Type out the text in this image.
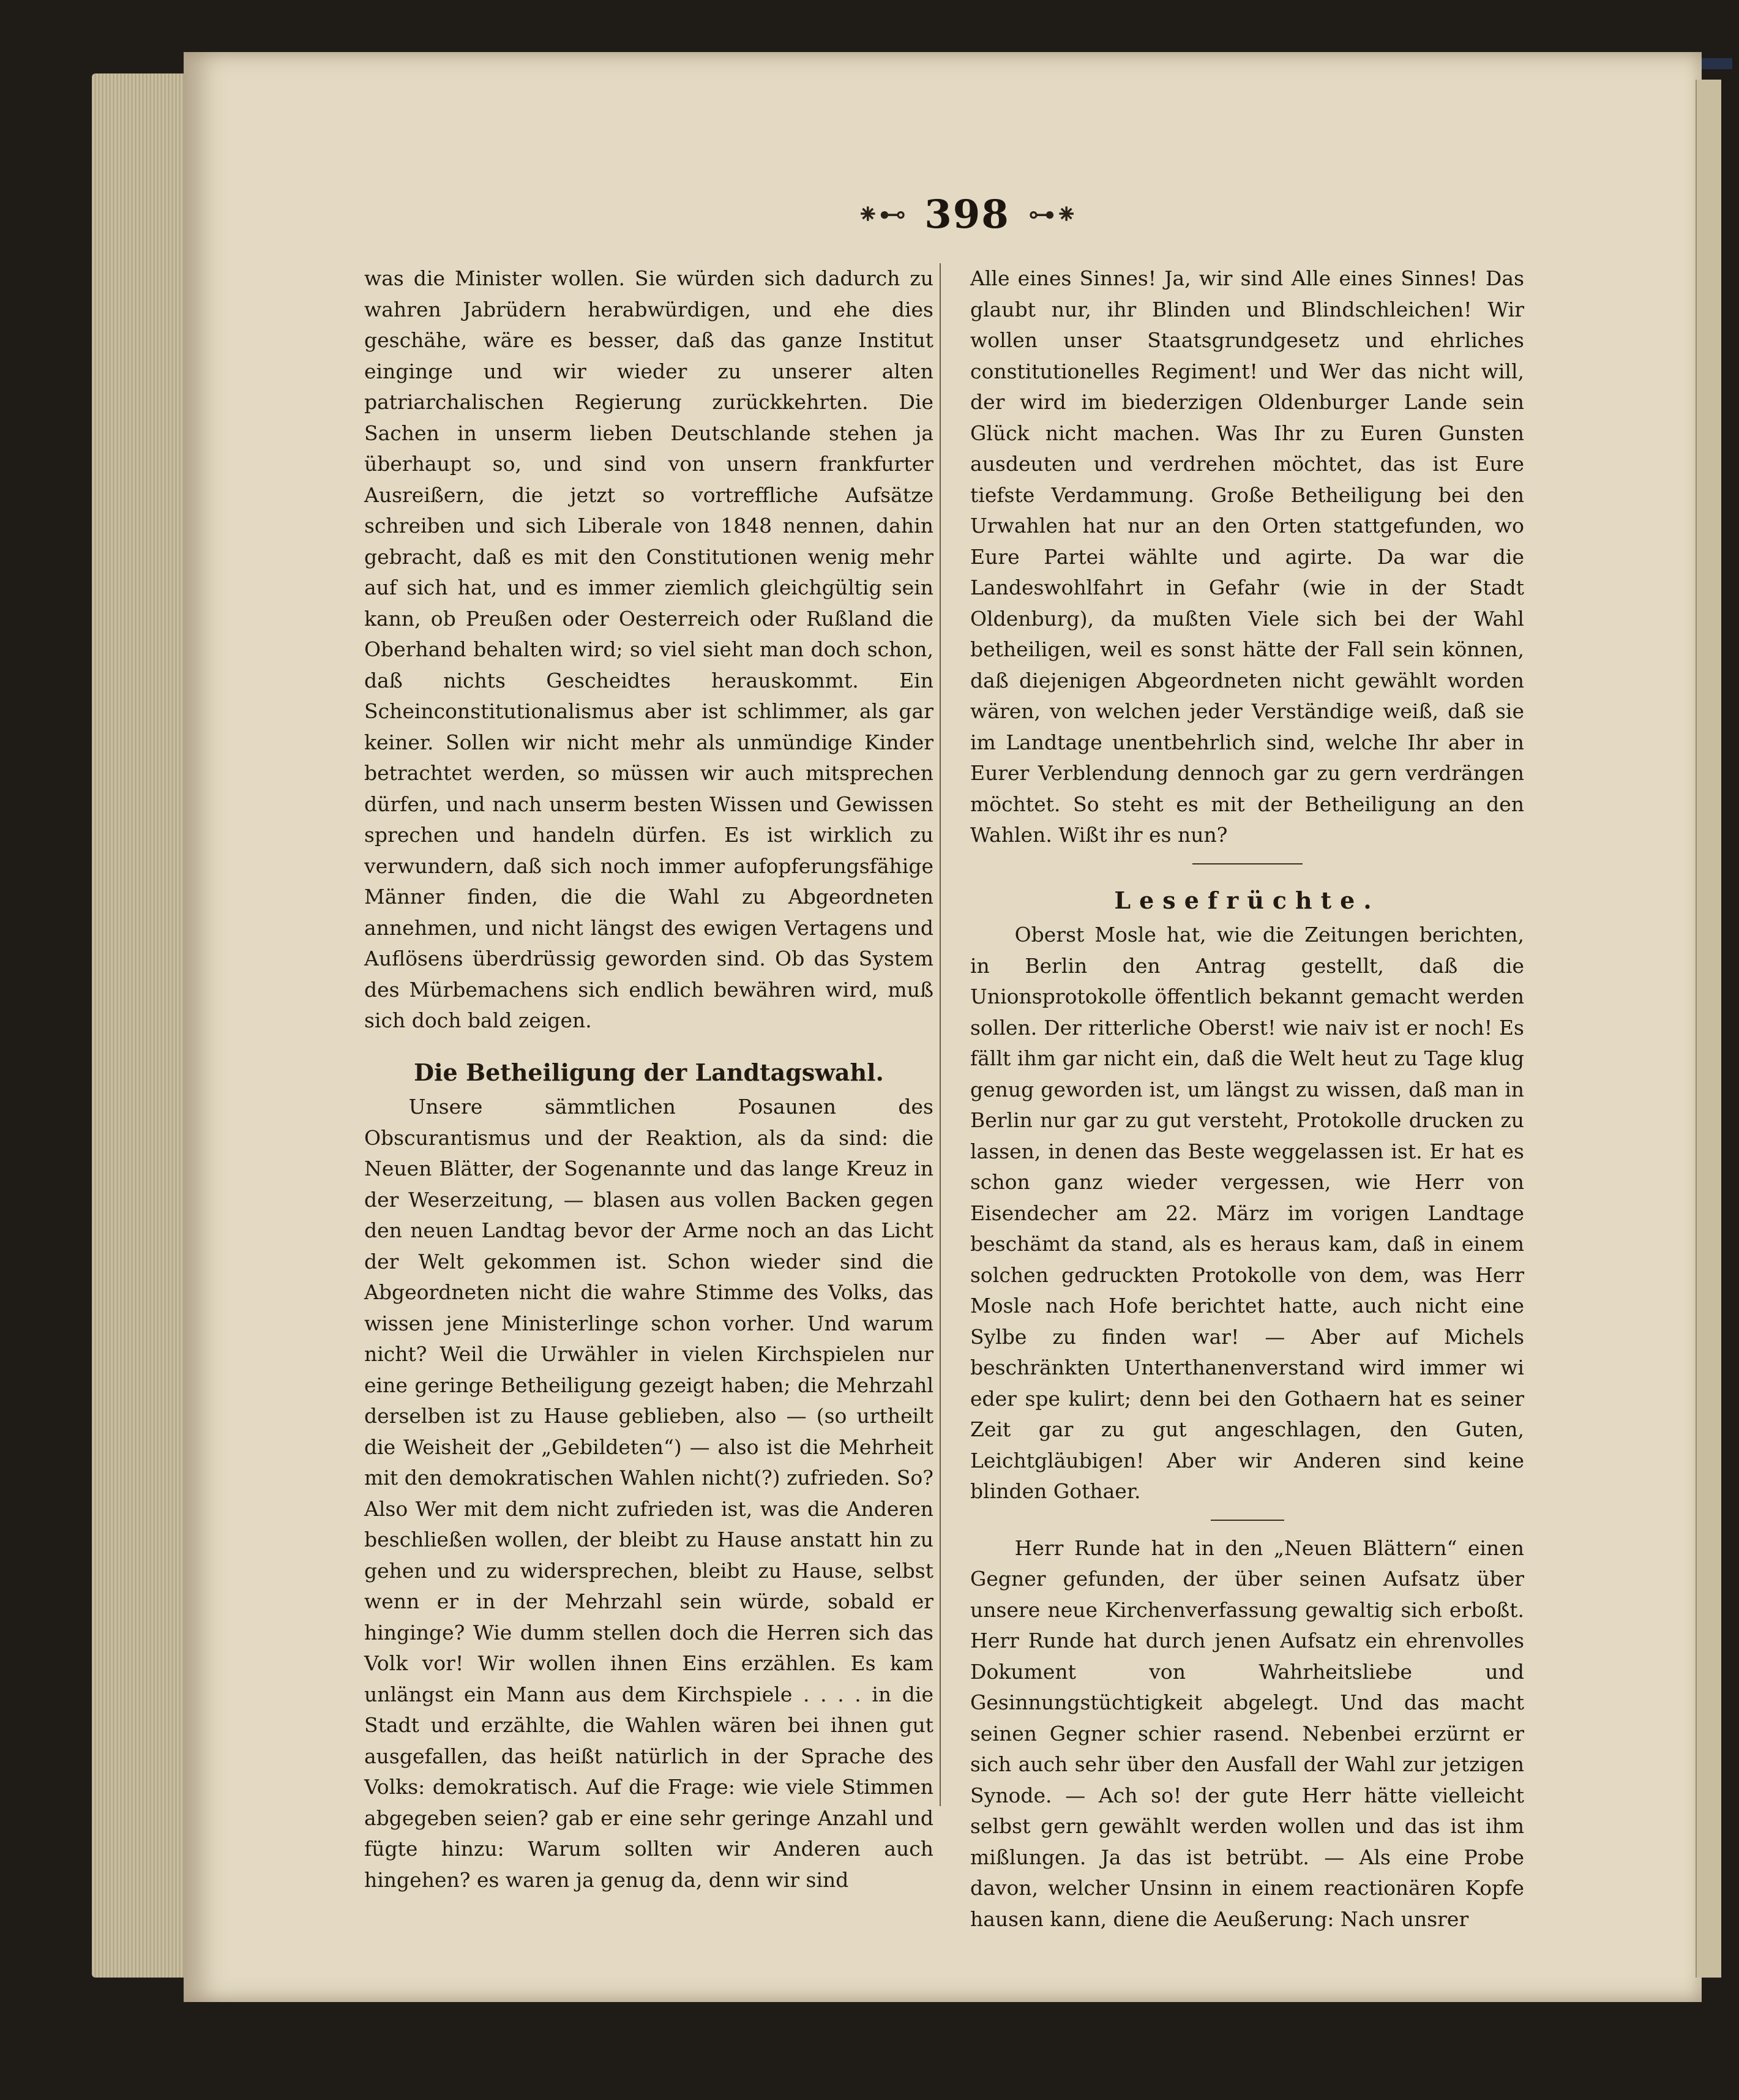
⁕⊷ 398 ⊶⁕

was die Minister wollen. Sie würden sich dadurch zu wahren Jabrüdern herabwürdigen, und ehe dies geschähe, wäre es besser, daß das ganze Institut einginge und wir wieder zu unserer alten patriarchalischen Regierung zurückkehrten. Die Sachen in unserm lieben Deutschlande stehen ja überhaupt so, und sind von unsern frankfurter Ausreißern, die jetzt so vortreffliche Aufsätze schreiben und sich Liberale von 1848 nennen, dahin gebracht, daß es mit den Constitutionen wenig mehr auf sich hat, und es immer ziemlich gleichgültig sein kann, ob Preußen oder Oesterreich oder Rußland die Oberhand behalten wird; so viel sieht man doch schon, daß nichts Gescheidtes herauskommt. Ein Scheinconstitutionalismus aber ist schlimmer, als gar keiner. Sollen wir nicht mehr als unmündige Kinder betrachtet werden, so müssen wir auch mitsprechen dürfen, und nach unserm besten Wissen und Gewissen sprechen und handeln dürfen. Es ist wirklich zu verwundern, daß sich noch immer aufopferungsfähige Männer finden, die die Wahl zu Abgeordneten annehmen, und nicht längst des ewigen Vertagens und Auflösens überdrüssig geworden sind. Ob das System des Mürbemachens sich endlich bewähren wird, muß sich doch bald zeigen.

Die Betheiligung der Landtagswahl.

Unsere sämmtlichen Posaunen des Obscurantismus und der Reaktion, als da sind: die Neuen Blätter, der Sogenannte und das lange Kreuz in der Weserzeitung, — blasen aus vollen Backen gegen den neuen Landtag bevor der Arme noch an das Licht der Welt gekommen ist. Schon wieder sind die Abgeordneten nicht die wahre Stimme des Volks, das wissen jene Ministerlinge schon vorher. Und warum nicht? Weil die Urwähler in vielen Kirchspielen nur eine geringe Betheiligung gezeigt haben; die Mehrzahl derselben ist zu Hause geblieben, also — (so urtheilt die Weisheit der „Gebildeten“) — also ist die Mehrheit mit den demokratischen Wahlen nicht(?) zufrieden. So? Also Wer mit dem nicht zufrieden ist, was die Anderen beschließen wollen, der bleibt zu Hause anstatt hin zu gehen und zu widersprechen, bleibt zu Hause, selbst wenn er in der Mehrzahl sein würde, sobald er hinginge? Wie dumm stellen doch die Herren sich das Volk vor! Wir wollen ihnen Eins erzählen. Es kam unlängst ein Mann aus dem Kirchspiele . . . . in die Stadt und erzählte, die Wahlen wären bei ihnen gut ausgefallen, das heißt natürlich in der Sprache des Volks: demokratisch. Auf die Frage: wie viele Stimmen abgegeben seien? gab er eine sehr geringe Anzahl und fügte hinzu: Warum sollten wir Anderen auch hingehen? es waren ja genug da, denn wir sind

Alle eines Sinnes! Ja, wir sind Alle eines Sinnes! Das glaubt nur, ihr Blinden und Blindschleichen! Wir wollen unser Staatsgrundgesetz und ehrliches constitutionelles Regiment! und Wer das nicht will, der wird im biederzigen Oldenburger Lande sein Glück nicht machen. Was Ihr zu Euren Gunsten ausdeuten und verdrehen möchtet, das ist Eure tiefste Verdammung. Große Betheiligung bei den Urwahlen hat nur an den Orten stattgefunden, wo Eure Partei wählte und agirte. Da war die Landeswohlfahrt in Gefahr (wie in der Stadt Oldenburg), da mußten Viele sich bei der Wahl betheiligen, weil es sonst hätte der Fall sein können, daß diejenigen Abgeordneten nicht gewählt worden wären, von welchen jeder Verständige weiß, daß sie im Landtage unentbehrlich sind, welche Ihr aber in Eurer Verblendung dennoch gar zu gern verdrängen möchtet. So steht es mit der Betheiligung an den Wahlen. Wißt ihr es nun?

Lesefrüchte.

Oberst Mosle hat, wie die Zeitungen berichten, in Berlin den Antrag gestellt, daß die Unionsprotokolle öffentlich bekannt gemacht werden sollen. Der ritterliche Oberst! wie naiv ist er noch! Es fällt ihm gar nicht ein, daß die Welt heut zu Tage klug genug geworden ist, um längst zu wissen, daß man in Berlin nur gar zu gut versteht, Protokolle drucken zu lassen, in denen das Beste weggelassen ist. Er hat es schon ganz wieder vergessen, wie Herr von Eisendecher am 22. März im vorigen Landtage beschämt da stand, als es heraus kam, daß in einem solchen gedruckten Protokolle von dem, was Herr Mosle nach Hofe berichtet hatte, auch nicht eine Sylbe zu finden war! — Aber auf Michels beschränkten Unterthanenverstand wird immer wi eder spe kulirt; denn bei den Gothaern hat es seiner Zeit gar zu gut angeschlagen, den Guten, Leichtgläubigen! Aber wir Anderen sind keine blinden Gothaer.

Herr Runde hat in den „Neuen Blättern“ einen Gegner gefunden, der über seinen Aufsatz über unsere neue Kirchenverfassung gewaltig sich erboßt. Herr Runde hat durch jenen Aufsatz ein ehrenvolles Dokument von Wahrheitsliebe und Gesinnungstüchtigkeit abgelegt. Und das macht seinen Gegner schier rasend. Nebenbei erzürnt er sich auch sehr über den Ausfall der Wahl zur jetzigen Synode. — Ach so! der gute Herr hätte vielleicht selbst gern gewählt werden wollen und das ist ihm mißlungen. Ja das ist betrübt. — Als eine Probe davon, welcher Unsinn in einem reactionären Kopfe hausen kann, diene die Aeußerung: Nach unsrer
